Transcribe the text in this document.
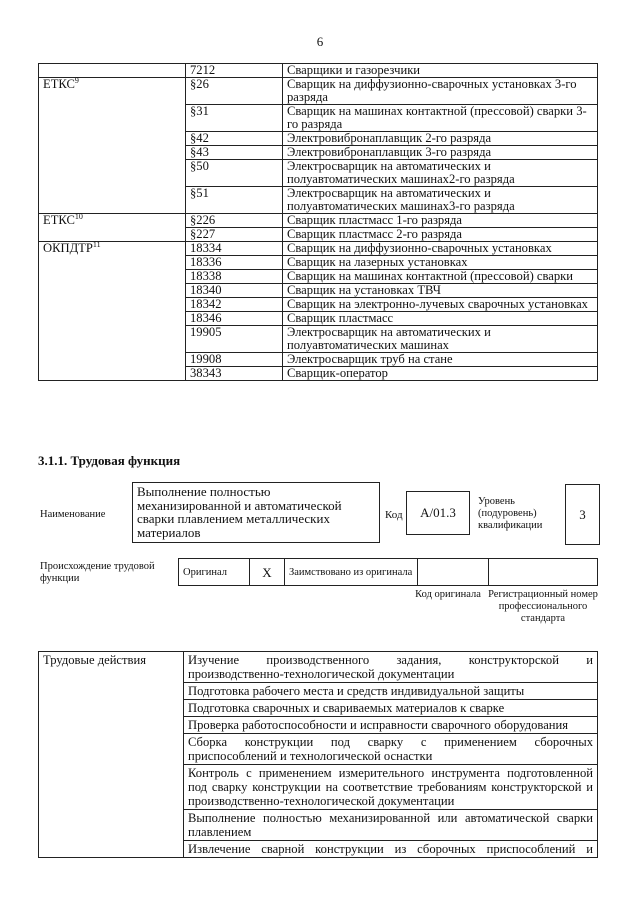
6
	7212	Сварщики и газорезчики
ЕТКС$^9$	§26	Сварщик на диффузионно-сварочных установках 3-го разряда
	§31	Сварщик на машинах контактной (прессовой) сварки 3-го разряда
	§42	Электровибронаплавщик 2-го разряда
	§43	Электровибронаплавщик 3-го разряда
	§50	Электросварщик на автоматических и полуавтоматических машинах2-го разряда
	§51	Электросварщик на автоматических и полуавтоматических машинах3-го разряда
ЕТКС$^{10}$	§226	Сварщик пластмасс 1-го разряда
	§227	Сварщик пластмасс 2-го разряда
ОКПДТР$^{11}$	18334	Сварщик на диффузионно-сварочных установках
	18336	Сварщик на лазерных установках
	18338	Сварщик на машинах контактной (прессовой) сварки
	18340	Сварщик на установках ТВЧ
	18342	Сварщик на электронно-лучевых сварочных установках
	18346	Сварщик пластмасс
	19905	Электросварщик на автоматических и полуавтоматических машинах
	19908	Электросварщик труб на стане
	38343	Сварщик-оператор
3.1.1. Трудовая функция
Наименование
Выполнение полностью механизированной и автоматической сварки плавлением металлических материалов
Код А/01.3
Уровень (подуровень) квалификации
3
Происхождение трудовой функции
Оригинал	X	Заимствовано из оригинала		
Код оригинала Регистрационный номер профессионального стандарта
Трудовые действия	Изучение производственного задания, конструкторской и производственно-технологической документации
Подготовка рабочего места и средств индивидуальной защиты
Подготовка сварочных и свариваемых материалов к сварке
Проверка работоспособности и исправности сварочного оборудования
Сборка конструкции под сварку с применением сборочных приспособлений и технологической оснастки
Контроль с применением измерительного инструмента подготовленной под сварку конструкции на соответствие требованиям конструкторской и производственно-технологической документации
Выполнение полностью механизированной или автоматической сварки плавлением
Извлечение сварной конструкции из сборочных приспособлений и
